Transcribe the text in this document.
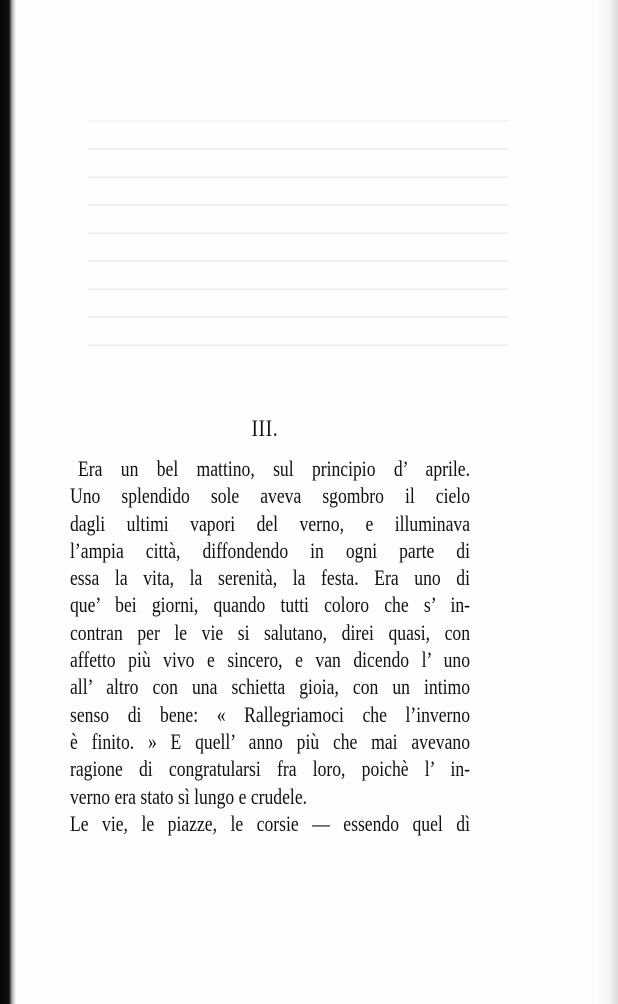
III.
Era un bel mattino, sul principio d’ aprile.
Uno splendido sole aveva sgombro il cielo
dagli ultimi vapori del verno, e illuminava
l’ampia città, diffondendo in ogni parte di
essa la vita, la serenità, la festa. Era uno di
que’ bei giorni, quando tutti coloro che s’ in-
contran per le vie si salutano, direi quasi, con
affetto più vivo e sincero, e van dicendo l’ uno
all’ altro con una schietta gioia, con un intimo
senso di bene: « Rallegriamoci che l’inverno
è finito. » E quell’ anno più che mai avevano
ragione di congratularsi fra loro, poichè l’ in-
verno era stato sì lungo e crudele.
Le vie, le piazze, le corsie — essendo quel dì
